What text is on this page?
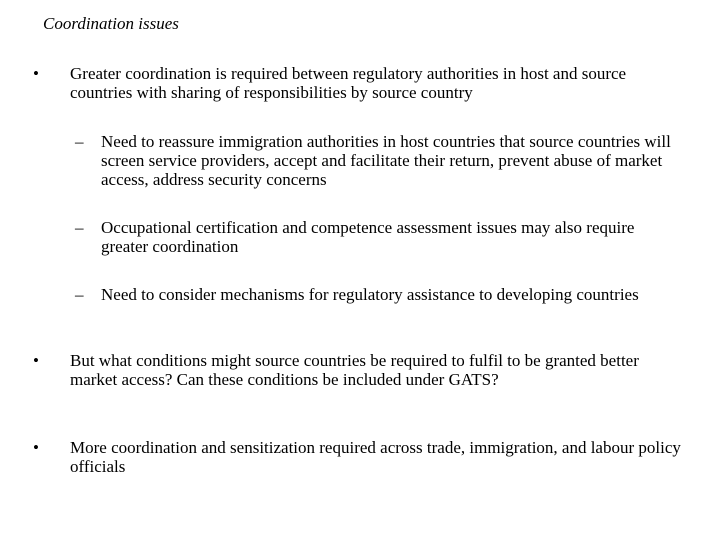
Coordination issues
•	Greater coordination is required between regulatory authorities in host and source countries with sharing of responsibilities by source country
–	Need to reassure immigration authorities in host countries that source countries will screen service providers, accept and facilitate their return, prevent abuse of market access, address security concerns
–	Occupational certification and competence assessment issues may also require greater coordination
–	Need to consider mechanisms for regulatory assistance to developing countries
•	But what conditions might source countries be required to fulfil to be granted better market access? Can these conditions be included under GATS?
•	More coordination and sensitization required across trade, immigration, and labour policy officials
